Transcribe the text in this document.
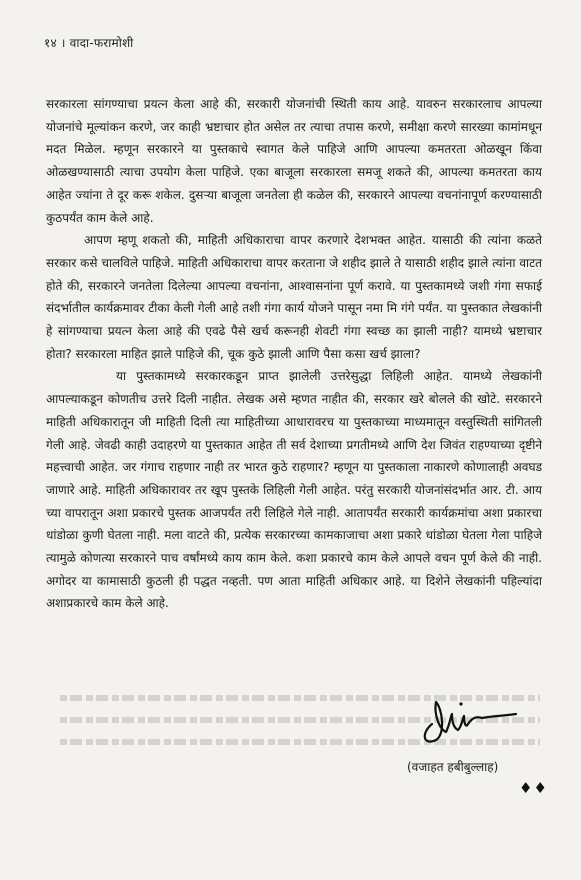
१४ । वादा-फरामोशी

सरकारला सांगण्याचा प्रयत्न केला आहे की, सरकारी योजनांची स्थिती काय आहे. यावरुन सरकारलाच आपल्या योजनांचे मूल्यांकन करणे, जर काही भ्रष्टाचार होत असेल तर त्याचा तपास करणे, समीक्षा करणे सारख्या कामांमधून मदत मिळेल. म्हणून सरकारने या पुस्तकाचे स्वागत केले पाहिजे आणि आपल्या कमतरता ओळखून किंवा ओळखण्यासाठी त्याचा उपयोग केला पाहिजे. एका बाजूला सरकारला समजू शकते की, आपल्या कमतरता काय आहेत ज्यांना ते दूर करू शकेल. दुसऱ्या बाजूला जनतेला ही कळेल की, सरकारने आपल्या वचनांनापूर्ण करण्यासाठी कुठपर्यंत काम केले आहे.

आपण म्हणू शकतो की, माहिती अधिकाराचा वापर करणारे देशभक्त आहेत. यासाठी की त्यांना कळते सरकार कसे चालविले पाहिजे. माहिती अधिकाराचा वापर करताना जे शहीद झाले ते यासाठी शहीद झाले त्यांना वाटत होते की, सरकारने जनतेला दिलेल्या आपल्या वचनांना, आश्वासनांना पूर्ण करावे. या पुस्तकामध्ये जशी गंगा सफाई संदर्भातील कार्यक्रमावर टीका केली गेली आहे तशी गंगा कार्य योजने पासून नमा मि गंगे पर्यंत. या पुस्तकात लेखकांनी हे सांगण्याचा प्रयत्न केला आहे की एवढे पैसे खर्च करूनही शेवटी गंगा स्वच्छ का झाली नाही? यामध्ये भ्रष्टाचार होता? सरकारला माहित झाले पाहिजे की, चूक कुठे झाली आणि पैसा कसा खर्च झाला?

या पुस्तकामध्ये सरकारकडून प्राप्त झालेली उत्तरेसुद्धा लिहिली आहेत. यामध्ये लेखकांनी आपल्याकडून कोणतीच उत्तरे दिली नाहीत. लेखक असे म्हणत नाहीत की, सरकार खरे बोलले की खोटे. सरकारने माहिती अधिकारातून जी माहिती दिली त्या माहितीच्या आधारावरच या पुस्तकाच्या माध्यमातून वस्तुस्थिती सांगितली गेली आहे. जेवढी काही उदाहरणे या पुस्तकात आहेत ती सर्व देशाच्या प्रगतीमध्ये आणि देश जिवंत राहण्याच्या दृष्टीने महत्त्वाची आहेत. जर गंगाच राहणार नाही तर भारत कुठे राहणार? म्हणून या पुस्तकाला नाकारणे कोणालाही अवघड जाणारे आहे. माहिती अधिकारावर तर खूप पुस्तके लिहिली गेली आहेत. परंतु सरकारी योजनांसंदर्भात आर. टी. आय च्या वापरातून अशा प्रकारचे पुस्तक आजपर्यंत तरी लिहिले गेले नाही. आतापर्यंत सरकारी कार्यक्रमांचा अशा प्रकारचा धांडोळा कुणी घेतला नाही. मला वाटते की, प्रत्येक सरकारच्या कामकाजाचा अशा प्रकारे धांडोळा घेतला गेला पाहिजे त्यामुळे कोणत्या सरकारने पाच वर्षांमध्ये काय काम केले. कशा प्रकारचे काम केले आपले वचन पूर्ण केले की नाही. अगोदर या कामासाठी कुठली ही पद्धत नव्हती. पण आता माहिती अधिकार आहे. या दिशेने लेखकांनी पहिल्यांदा अशाप्रकारचे काम केले आहे.

(वजाहत हबीबुल्लाह)
♦♦
